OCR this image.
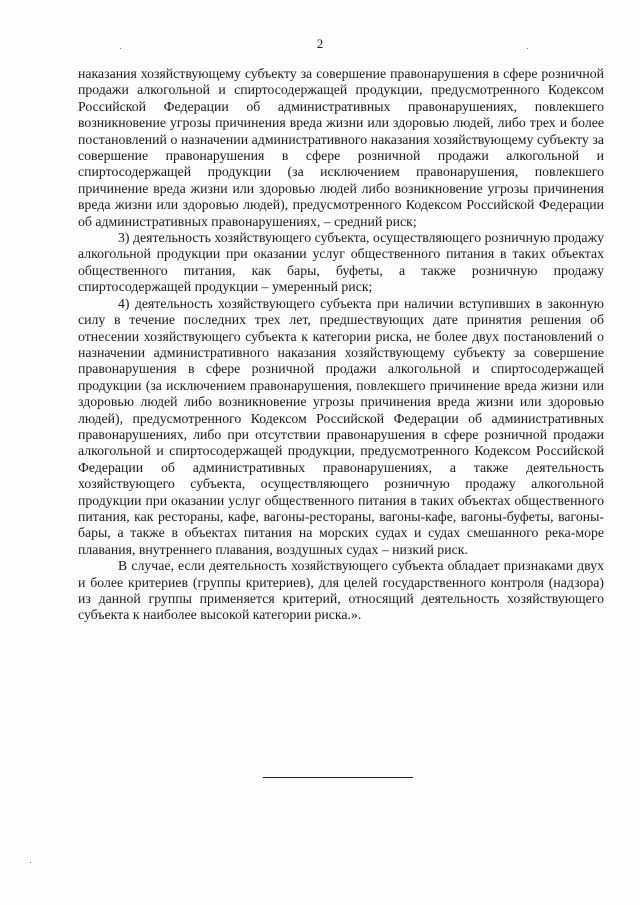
2

наказания хозяйствующему субъекту за совершение правонарушения в сфере розничной продажи алкогольной и спиртосодержащей продукции, предусмотренного Кодексом Российской Федерации об административных правонарушениях, повлекшего возникновение угрозы причинения вреда жизни или здоровью людей, либо трех и более постановлений о назначении административного наказания хозяйствующему субъекту за совершение правонарушения в сфере розничной продажи алкогольной и спиртосодержащей продукции (за исключением правонарушения, повлекшего причинение вреда жизни или здоровью людей либо возникновение угрозы причинения вреда жизни или здоровью людей), предусмотренного Кодексом Российской Федерации об административных правонарушениях, – средний риск;

3) деятельность хозяйствующего субъекта, осуществляющего розничную продажу алкогольной продукции при оказании услуг общественного питания в таких объектах общественного питания, как бары, буфеты, а также розничную продажу спиртосодержащей продукции – умеренный риск;

4) деятельность хозяйствующего субъекта при наличии вступивших в законную силу в течение последних трех лет, предшествующих дате принятия решения об отнесении хозяйствующего субъекта к категории риска, не более двух постановлений о назначении административного наказания хозяйствующему субъекту за совершение правонарушения в сфере розничной продажи алкогольной и спиртосодержащей продукции (за исключением правонарушения, повлекшего причинение вреда жизни или здоровью людей либо возникновение угрозы причинения вреда жизни или здоровью людей), предусмотренного Кодексом Российской Федерации об административных правонарушениях, либо при отсутствии правонарушения в сфере розничной продажи алкогольной и спиртосодержащей продукции, предусмотренного Кодексом Российской Федерации об административных правонарушениях, а также деятельность хозяйствующего субъекта, осуществляющего розничную продажу алкогольной продукции при оказании услуг общественного питания в таких объектах общественного питания, как рестораны, кафе, вагоны-рестораны, вагоны-кафе, вагоны-буфеты, вагоны-бары, а также в объектах питания на морских судах и судах смешанного река-море плавания, внутреннего плавания, воздушных судах – низкий риск.

В случае, если деятельность хозяйствующего субъекта обладает признаками двух и более критериев (группы критериев), для целей государственного контроля (надзора) из данной группы применяется критерий, относящий деятельность хозяйствующего субъекта к наиболее высокой категории риска.».
